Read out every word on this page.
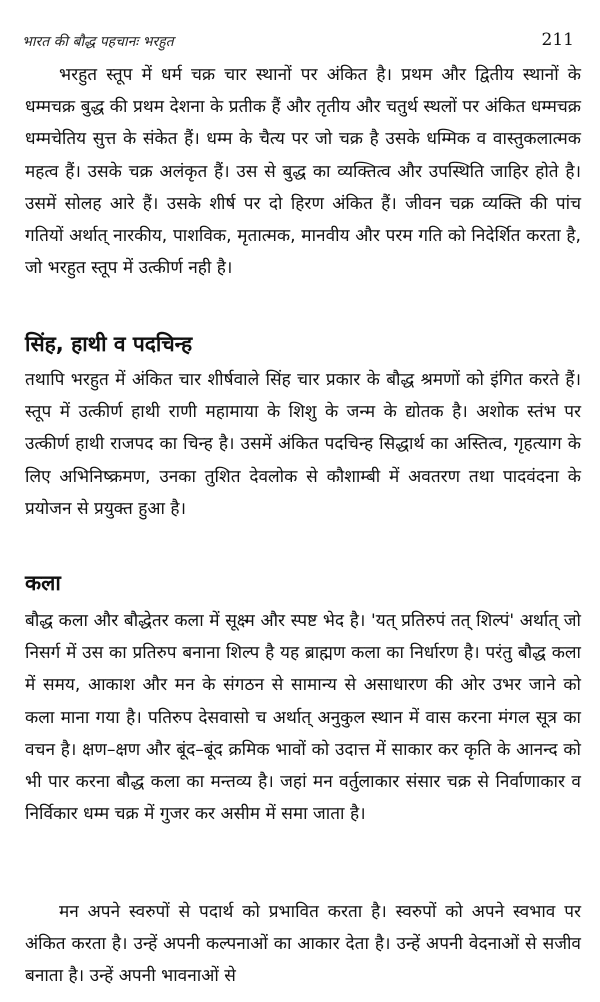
भारत की बौद्ध पहचानः भरहुत	211

भरहुत स्तूप में धर्म चक्र चार स्थानों पर अंकित है। प्रथम और द्वितीय स्थानों के धम्मचक्र बुद्ध की प्रथम देशना के प्रतीक हैं और तृतीय और चतुर्थ स्थलों पर अंकित धम्मचक्र धम्मचेतिय सुत्त के संकेत हैं। धम्म के चैत्य पर जो चक्र है उसके धम्मिक व वास्तुकलात्मक महत्व हैं। उसके चक्र अलंकृत हैं। उस से बुद्ध का व्यक्तित्व और उपस्थिति जाहिर होते है। उसमें सोलह आरे हैं। उसके शीर्ष पर दो हिरण अंकित हैं। जीवन चक्र व्यक्ति की पांच गतियों अर्थात् नारकीय, पाशविक, मृतात्मक, मानवीय और परम गति को निदेर्शित करता है, जो भरहुत स्तूप में उत्कीर्ण नही है।

सिंह, हाथी व पदचिन्ह

तथापि भरहुत में अंकित चार शीर्षवाले सिंह चार प्रकार के बौद्ध श्रमणों को इंगित करते हैं। स्तूप में उत्कीर्ण हाथी राणी महामाया के शिशु के जन्म के द्योतक है। अशोक स्तंभ पर उत्कीर्ण हाथी राजपद का चिन्ह है। उसमें अंकित पदचिन्ह सिद्धार्थ का अस्तित्व, गृहत्याग के लिए अभिनिष्क्रमण, उनका तुशित देवलोक से कौशाम्बी में अवतरण तथा पादवंदना के प्रयोजन से प्रयुक्त हुआ है।

कला

बौद्ध कला और बौद्धेतर कला में सूक्ष्म और स्पष्ट भेद है। 'यत् प्रतिरुपं तत् शिल्पं' अर्थात् जो निसर्ग में उस का प्रतिरुप बनाना शिल्प है यह ब्राह्मण कला का निर्धारण है। परंतु बौद्ध कला में समय, आकाश और मन के संगठन से सामान्य से असाधारण की ओर उभर जाने को कला माना गया है। पतिरुप देसवासो च अर्थात् अनुकुल स्थान में वास करना मंगल सूत्र का वचन है। क्षण–क्षण और बूंद–बूंद क्रमिक भावों को उदात्त में साकार कर कृति के आनन्द को भी पार करना बौद्ध कला का मन्तव्य है। जहां मन वर्तुलाकार संसार चक्र से निर्वाणाकार व निर्विकार धम्म चक्र में गुजर कर असीम में समा जाता है।

मन अपने स्वरुपों से पदार्थ को प्रभावित करता है। स्वरुपों को अपने स्वभाव पर अंकित करता है। उन्हें अपनी कल्पनाओं का आकार देता है। उन्हें अपनी वेदनाओं से सजीव बनाता है। उन्हें अपनी भावनाओं से
